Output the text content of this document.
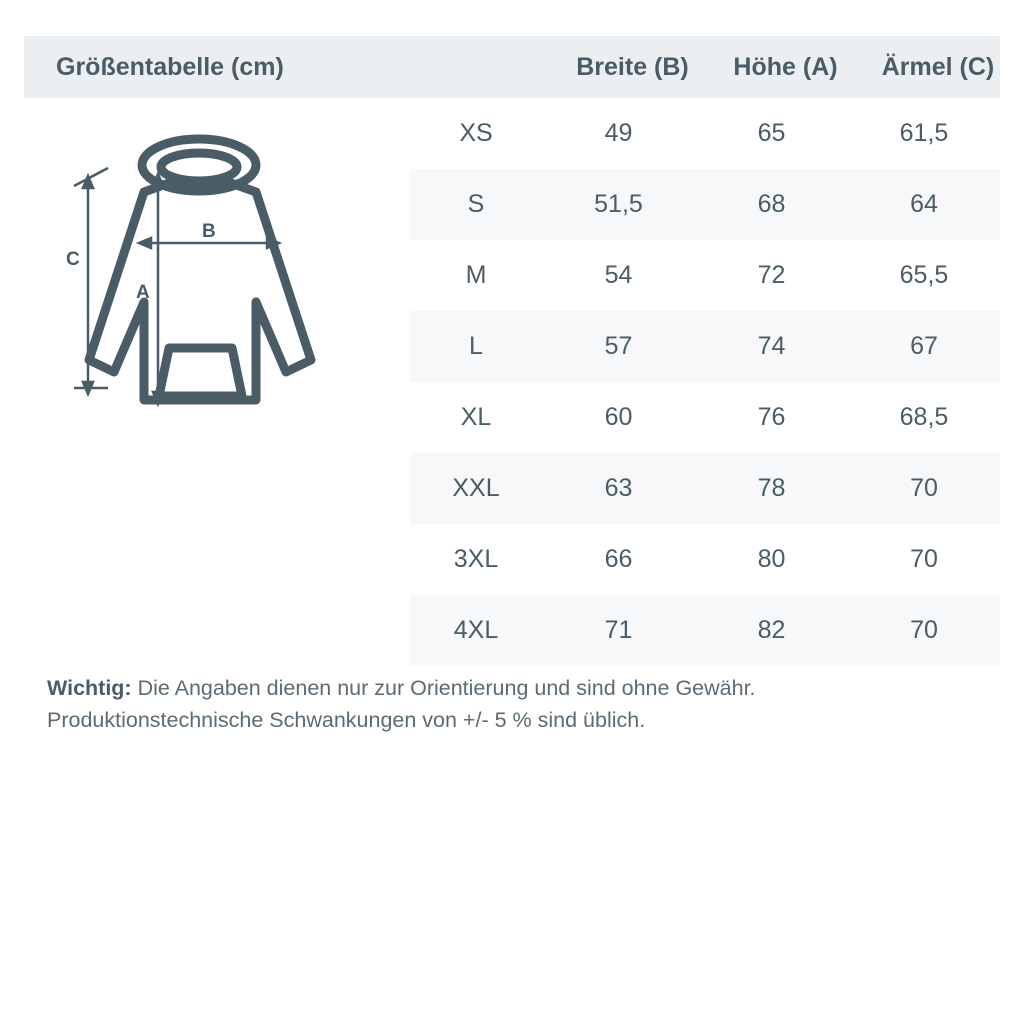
Größentabelle (cm)	Breite (B)	Höhe (A)	Ärmel (C)
C
B
A
XS	49	65	61,5
S	51,5	68	64
M	54	72	65,5
L	57	74	67
XL	60	76	68,5
XXL	63	78	70
3XL	66	80	70
4XL	71	82	70
Wichtig: Die Angaben dienen nur zur Orientierung und sind ohne Gewähr.
Produktionstechnische Schwankungen von +/- 5 % sind üblich.
